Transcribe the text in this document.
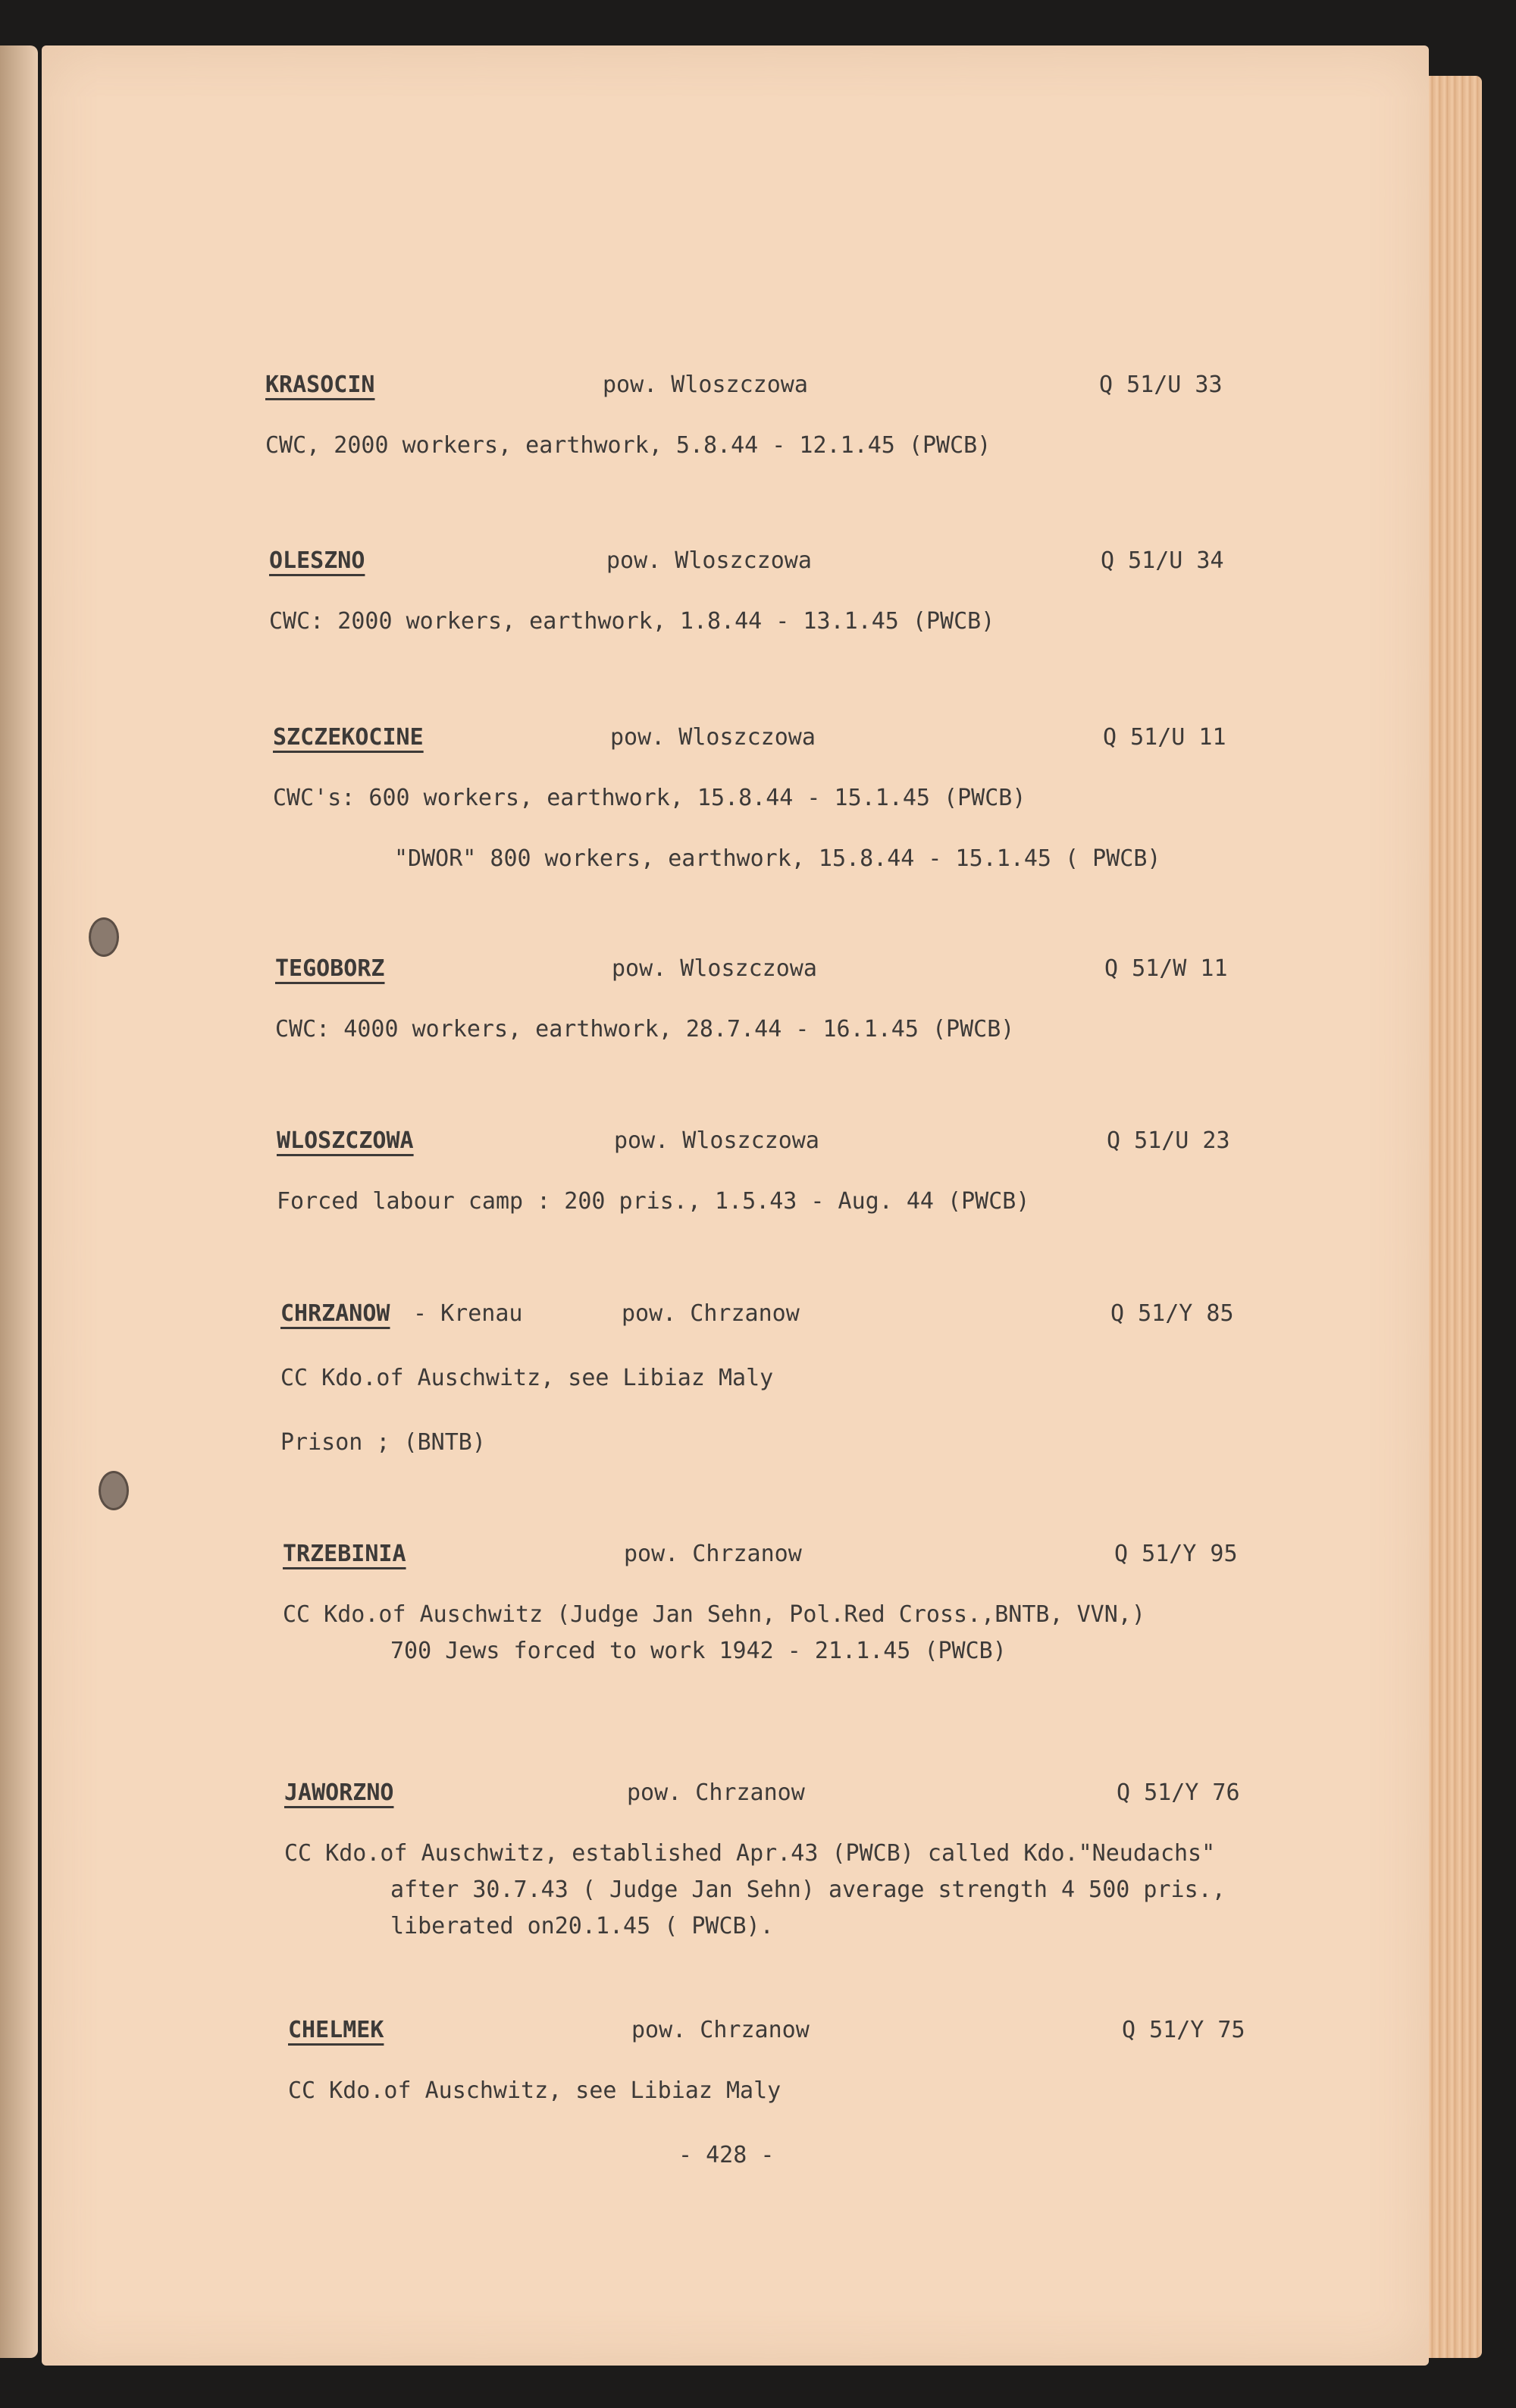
KRASOCIN	pow. Wloszczowa	Q 51/U 33
CWC, 2000 workers, earthwork, 5.8.44 - 12.1.45 (PWCB)
OLESZNO	pow. Wloszczowa	Q 51/U 34
CWC: 2000 workers, earthwork, 1.8.44 - 13.1.45 (PWCB)
SZCZEKOCINE	pow. Wloszczowa	Q 51/U 11
CWC's: 600 workers, earthwork, 15.8.44 - 15.1.45 (PWCB)
"DWOR" 800 workers, earthwork, 15.8.44 - 15.1.45 ( PWCB)
TEGOBORZ	pow. Wloszczowa	Q 51/W 11
CWC: 4000 workers, earthwork, 28.7.44 - 16.1.45 (PWCB)
WLOSZCZOWA	pow. Wloszczowa	Q 51/U 23
Forced labour camp : 200 pris., 1.5.43 - Aug. 44 (PWCB)
CHRZANOW - Krenau	pow. Chrzanow	Q 51/Y 85
CC Kdo.of Auschwitz, see Libiaz Maly
Prison ; (BNTB)
TRZEBINIA	pow. Chrzanow	Q 51/Y 95
CC Kdo.of Auschwitz (Judge Jan Sehn, Pol.Red Cross.,BNTB, VVN,)
700 Jews forced to work 1942 - 21.1.45 (PWCB)
JAWORZNO	pow. Chrzanow	Q 51/Y 76
CC Kdo.of Auschwitz, established Apr.43 (PWCB) called Kdo."Neudachs"
after 30.7.43 ( Judge Jan Sehn) average strength 4 500 pris.,
liberated on20.1.45 ( PWCB).
CHELMEK	pow. Chrzanow	Q 51/Y 75
CC Kdo.of Auschwitz, see Libiaz Maly
- 428 -
